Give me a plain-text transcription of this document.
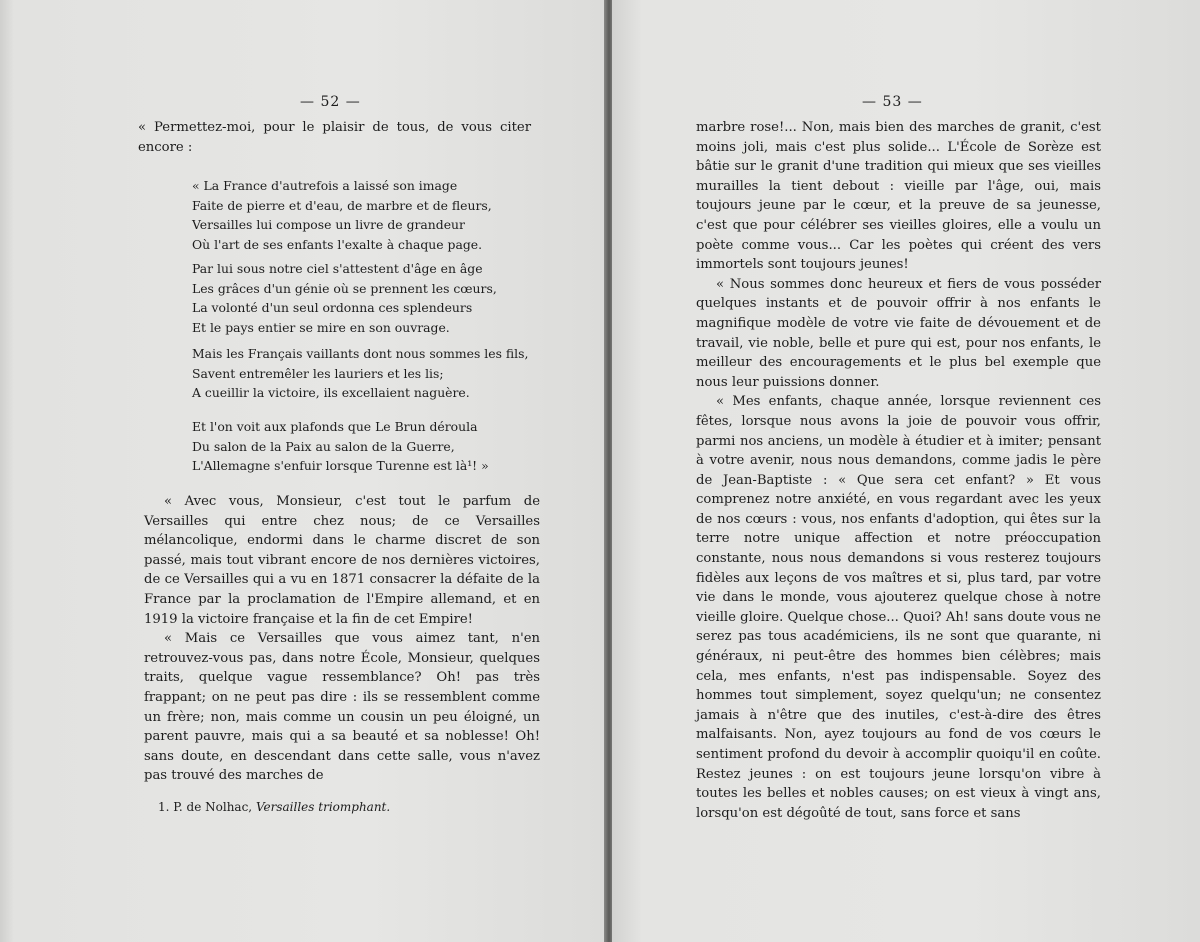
— 52 —

« Permettez-moi, pour le plaisir de tous, de vous citer encore :

« La France d'autrefois a laissé son image
Faite de pierre et d'eau, de marbre et de fleurs,
Versailles lui compose un livre de grandeur
Où l'art de ses enfants l'exalte à chaque page.
Par lui sous notre ciel s'attestent d'âge en âge
Les grâces d'un génie où se prennent les cœurs,
La volonté d'un seul ordonna ces splendeurs
Et le pays entier se mire en son ouvrage.
Mais les Français vaillants dont nous sommes les fils,
Savent entremêler les lauriers et les lis;
A cueillir la victoire, ils excellaient naguère.
Et l'on voit aux plafonds que Le Brun déroula
Du salon de la Paix au salon de la Guerre,
L'Allemagne s'enfuir lorsque Turenne est là¹! »

« Avec vous, Monsieur, c'est tout le parfum de Versailles qui entre chez nous; de ce Versailles mélancolique, endormi dans le charme discret de son passé, mais tout vibrant encore de nos dernières victoires, de ce Versailles qui a vu en 1871 consacrer la défaite de la France par la proclamation de l'Empire allemand, et en 1919 la victoire française et la fin de cet Empire!

« Mais ce Versailles que vous aimez tant, n'en retrouvez-vous pas, dans notre École, Monsieur, quelques traits, quelque vague ressemblance? Oh! pas très frappant; on ne peut pas dire : ils se ressemblent comme un frère; non, mais comme un cousin un peu éloigné, un parent pauvre, mais qui a sa beauté et sa noblesse! Oh! sans doute, en descendant dans cette salle, vous n'avez pas trouvé des marches de

1. P. de Nolhac, Versailles triomphant.
— 53 —

marbre rose!... Non, mais bien des marches de granit, c'est moins joli, mais c'est plus solide... L'École de Sorèze est bâtie sur le granit d'une tradition qui mieux que ses vieilles murailles la tient debout : vieille par l'âge, oui, mais toujours jeune par le cœur, et la preuve de sa jeunesse, c'est que pour célébrer ses vieilles gloires, elle a voulu un poète comme vous... Car les poètes qui créent des vers immortels sont toujours jeunes!

« Nous sommes donc heureux et fiers de vous posséder quelques instants et de pouvoir offrir à nos enfants le magnifique modèle de votre vie faite de dévouement et de travail, vie noble, belle et pure qui est, pour nos enfants, le meilleur des encouragements et le plus bel exemple que nous leur puissions donner.

« Mes enfants, chaque année, lorsque reviennent ces fêtes, lorsque nous avons la joie de pouvoir vous offrir, parmi nos anciens, un modèle à étudier et à imiter; pensant à votre avenir, nous nous demandons, comme jadis le père de Jean-Baptiste : « Que sera cet enfant? » Et vous comprenez notre anxiété, en vous regardant avec les yeux de nos cœurs : vous, nos enfants d'adoption, qui êtes sur la terre notre unique affection et notre préoccupation constante, nous nous demandons si vous resterez toujours fidèles aux leçons de vos maîtres et si, plus tard, par votre vie dans le monde, vous ajouterez quelque chose à notre vieille gloire. Quelque chose... Quoi? Ah! sans doute vous ne serez pas tous académiciens, ils ne sont que quarante, ni généraux, ni peut-être des hommes bien célèbres; mais cela, mes enfants, n'est pas indispensable. Soyez des hommes tout simplement, soyez quelqu'un; ne consentez jamais à n'être que des inutiles, c'est-à-dire des êtres malfaisants. Non, ayez toujours au fond de vos cœurs le sentiment profond du devoir à accomplir quoiqu'il en coûte. Restez jeunes : on est toujours jeune lorsqu'on vibre à toutes les belles et nobles causes; on est vieux à vingt ans, lorsqu'on est dégoûté de tout, sans force et sans
